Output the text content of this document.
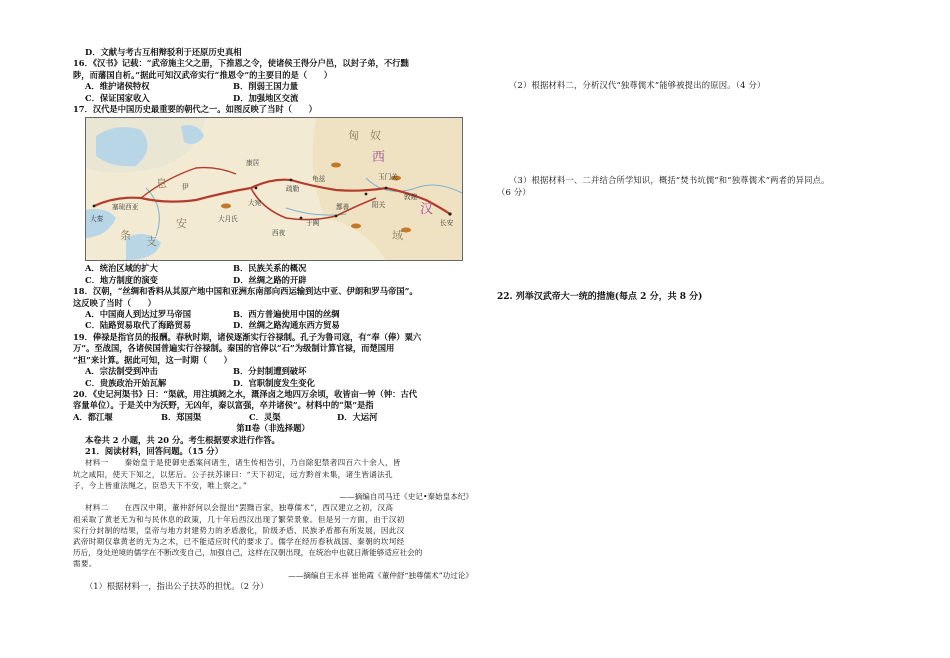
D．文献与考古互相辩驳利于还原历史真相
16．《汉书》记载：“武帝施主父之册，下推恩之令，使诸侯王得分户邑，以封子弟，不行黜
陟，而藩国自析。”据此可知汉武帝实行“推恩令”的主要目的是（　　）
A．维护诸侯特权	B．削弱王国力量
C．保证国家收入	D．加强地区交流
17．汉代是中国历史最重要的朝代之一。如图反映了当时（　　）
匈　奴
西
汉
玉门关
阳关
敦煌
长安
康居
大宛
疏勒
于阗
安
息
域
鄯善
龟兹
大秦
支
条
伊
塞琉西亚
大月氏
西夜
A．统治区域的扩大	B．民族关系的概况
C．地方制度的演变	D．丝绸之路的开辟
18．汉朝，“丝绸和香料从其原产地中国和亚洲东南部向西运输到达中亚、伊朗和罗马帝国”。
这反映了当时（　　）
A．中国商人到达过罗马帝国	B．西方普遍使用中国的丝绸
C．陆路贸易取代了海路贸易	D．丝绸之路沟通东西方贸易
19．俸禄是指官员的报酬。春秋时期，诸侯逐渐实行谷禄制。孔子为鲁司寇，有“奉（俸）粟六
万”。至战国，各诸侯国普遍实行谷禄制。秦国的官俸以“石”为级制计算官禄，而楚国用
“担”来计算。据此可知，这一时期（　　）
A．宗法制受到冲击	B．分封制遭到破坏
C．贵族政治开始瓦解	D．官职制度发生变化
20．《史记河渠书》曰：“渠就，用注填阏之水，溉泽卤之地四万余顷，收皆亩一钟（钟：古代
容量单位）。于是关中为沃野，无凶年，秦以富强，卒并诸侯”。材料中的“渠”是指
A．都江堰	B．郑国渠	C．灵渠	D．大运河
第Ⅱ卷（非选择题）
本卷共 2 小题，共 20 分。考生根据要求进行作答。
21．阅读材料，回答问题。（15 分）
材料一　　秦始皇于是使御史悉案问诸生，诸生传相告引，乃自除犯禁者四百六十余人，皆
坑之咸阳，使天下知之，以惩后。公子扶苏谏曰：“天下初定，远方黔首未集，诸生皆诵法孔
子，今上皆重法绳之，臣恐天下不安，唯上察之。”
——摘编自司马迁《史记•秦始皇本纪》
材料二　　在西汉中期，董仲舒何以会提出“罢黜百家，独尊儒术”，西汉建立之初，汉高
祖采取了黄老无为和与民休息的政策，几十年后西汉出现了繁荣景象。但是另一方面，由于汉初
实行分封制的结果，皇帝与地方封建势力的矛盾激化，阶级矛盾、民族矛盾都有所发展，因此汉
武帝时期仅靠黄老的无为之术，已不能适应时代的要求了。儒学在经历春秋战国、秦朝的坎坷经
历后，身处逆境的儒学在不断改变自己，加强自己，这样在汉朝出现，在统治中也就日渐能够适应社会的
需要。
——摘编自王永祥 崔艳霞《董仲舒“独尊儒术”功过论》
（1）根据材料一，指出公子扶苏的担忧。（2 分）
（2）根据材料二，分析汉代“独尊儒术”能够被提出的原因。（4 分）
（3）根据材料一、二并结合所学知识，概括“焚书坑儒”和“独尊儒术”两者的异同点。
（6 分）
22. 列举汉武帝大一统的措施(每点 2 分，共 8 分)
